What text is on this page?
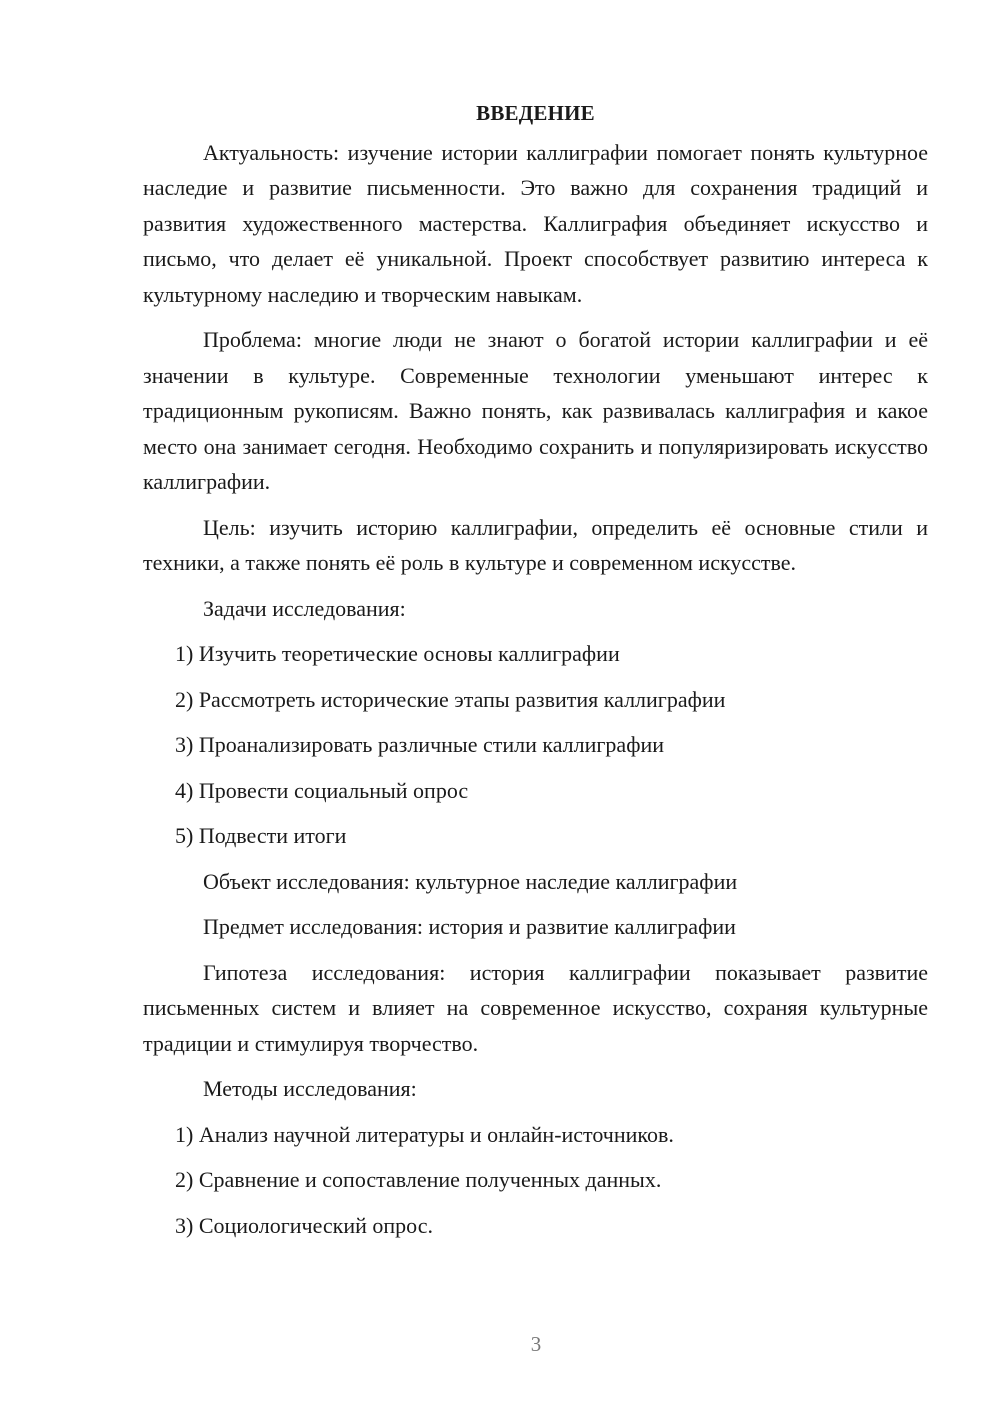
ВВЕДЕНИЕ

Актуальность: изучение истории каллиграфии помогает понять культурное наследие и развитие письменности. Это важно для сохранения традиций и развития художественного мастерства. Каллиграфия объединяет искусство и письмо, что делает её уникальной. Проект способствует развитию интереса к культурному наследию и творческим навыкам.

Проблема: многие люди не знают о богатой истории каллиграфии и её значении в культуре. Современные технологии уменьшают интерес к традиционным рукописям. Важно понять, как развивалась каллиграфия и какое место она занимает сегодня. Необходимо сохранить и популяризировать искусство каллиграфии.

Цель: изучить историю каллиграфии, определить её основные стили и техники, а также понять её роль в культуре и современном искусстве.

Задачи исследования:

1) Изучить теоретические основы каллиграфии
2) Рассмотреть исторические этапы развития каллиграфии
3) Проанализировать различные стили каллиграфии
4) Провести социальный опрос
5) Подвести итоги

Объект исследования: культурное наследие каллиграфии

Предмет исследования: история и развитие каллиграфии

Гипотеза исследования: история каллиграфии показывает развитие письменных систем и влияет на современное искусство, сохраняя культурные традиции и стимулируя творчество.

Методы исследования:

1) Анализ научной литературы и онлайн-источников.
2) Сравнение и сопоставление полученных данных.
3) Социологический опрос.
3
